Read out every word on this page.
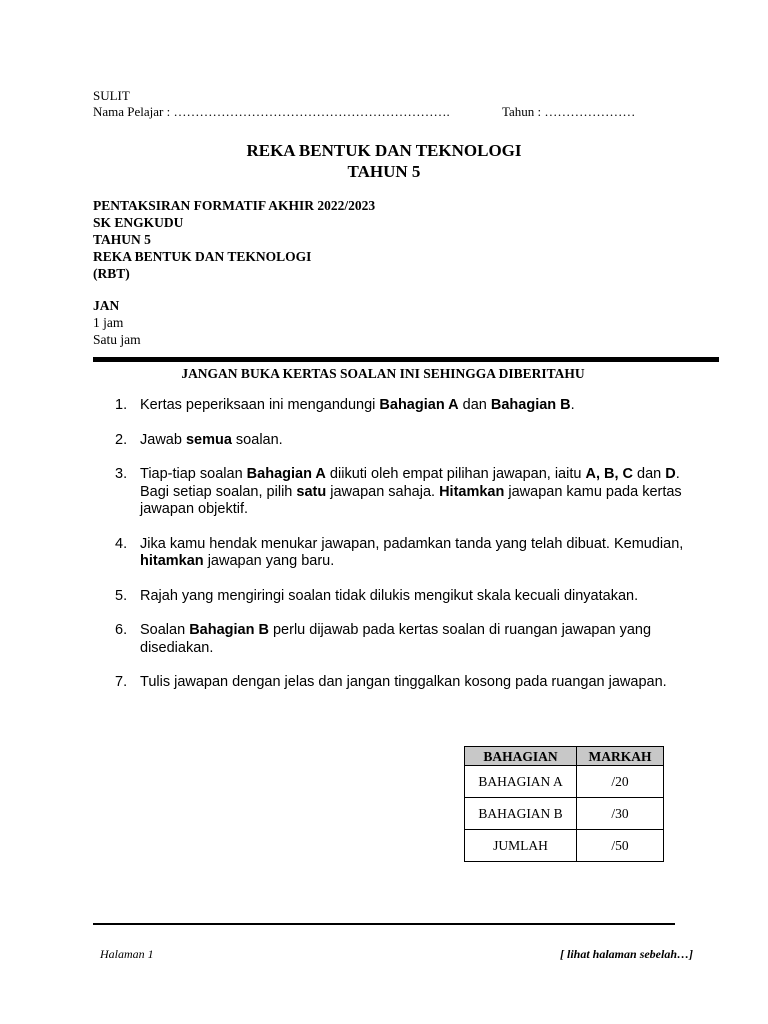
SULIT
Nama Pelajar : ……………………………………………………….	Tahun : …………………
REKA BENTUK DAN TEKNOLOGI
TAHUN 5
PENTAKSIRAN FORMATIF AKHIR 2022/2023
SK ENGKUDU
TAHUN 5
REKA BENTUK DAN TEKNOLOGI
(RBT)
JAN
1 jam
Satu jam
JANGAN BUKA KERTAS SOALAN INI SEHINGGA DIBERITAHU
1. Kertas peperiksaan ini mengandungi Bahagian A dan Bahagian B.
2. Jawab semua soalan.
3. Tiap-tiap soalan Bahagian A diikuti oleh empat pilihan jawapan, iaitu A, B, C dan D. Bagi setiap soalan, pilih satu jawapan sahaja. Hitamkan jawapan kamu pada kertas jawapan objektif.
4. Jika kamu hendak menukar jawapan, padamkan tanda yang telah dibuat. Kemudian, hitamkan jawapan yang baru.
5. Rajah yang mengiringi soalan tidak dilukis mengikut skala kecuali dinyatakan.
6. Soalan Bahagian B perlu dijawab pada kertas soalan di ruangan jawapan yang disediakan.
7. Tulis jawapan dengan jelas dan jangan tinggalkan kosong pada ruangan jawapan.
BAHAGIAN	MARKAH
BAHAGIAN A	/20
BAHAGIAN B	/30
JUMLAH	/50
Halaman 1	[ lihat halaman sebelah…]
